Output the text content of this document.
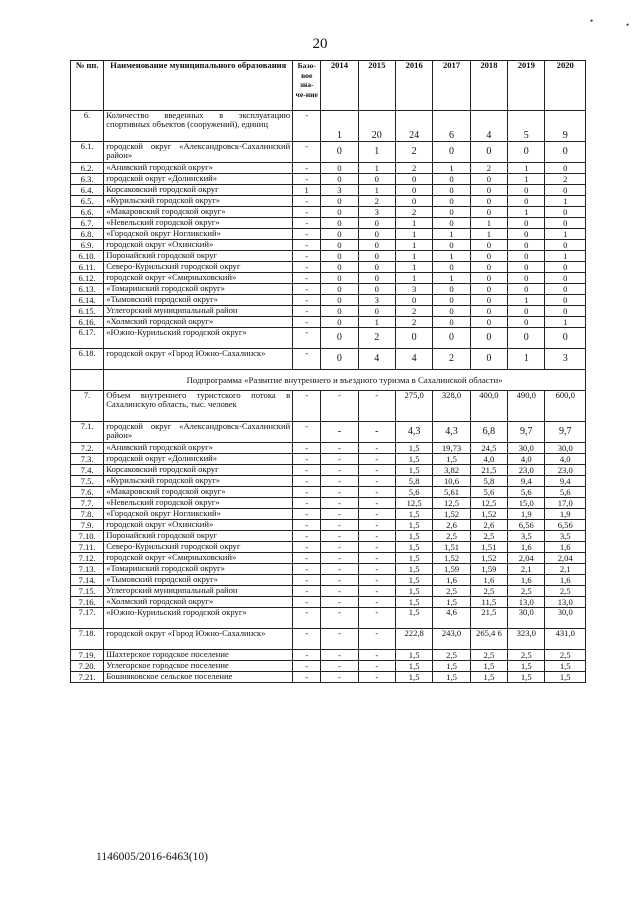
•	•
20
№ пп.	Наименование муниципального образования	Базо-вое зна-че-ние	2014	2015	2016	2017	2018	2019	2020
6.	Количество введенных в эксплуатацию спортивных объектов (сооружений), единиц	-	1	20	24	6	4	5	9
6.1.	городской округ «Александровск-Сахалинский район»	-	0	1	2	0	0	0	0
6.2.	«Анивский городской округ»	-	0	1	2	1	2	1	0
6.3.	городской округ «Долинский»	-	0	0	0	0	0	1	2
6.4.	Корсаковский городской округ	1	3	1	0	0	0	0	0
6.5.	«Курильский городской округ»	-	0	2	0	0	0	0	1
6.6.	«Макаровский городской округ»	-	0	3	2	0	0	1	0
6.7.	«Невельский городской округ»	-	0	0	1	0	1	0	0
6.8.	«Городской округ Ногликский»	-	0	0	1	1	1	0	1
6.9.	городской округ «Охинский»	-	0	0	1	0	0	0	0
6.10.	Поронайский городской округ	-	0	0	1	1	0	0	1
6.11.	Северо-Курильский городской округ	-	0	0	1	0	0	0	0
6.12.	городской округ «Смирныховский»	-	0	0	1	1	0	0	0
6.13.	«Томаринский городской округ»	-	0	0	3	0	0	0	0
6.14.	«Тымовский городской округ»	-	0	3	0	0	0	1	0
6.15.	Углегорский муниципальный район	-	0	0	2	0	0	0	0
6.16.	«Холмский городской округ»	-	0	1	2	0	0	0	1
6.17.	«Южно-Курильский городской округ»	-	0	2	0	0	0	0	0
6.18.	городской округ «Город Южно-Сахалинск»	-	0	4	4	2	0	1	3
	Подпрограмма «Развитие внутреннего и въездного туризма в Сахалинской области»								
7.	Объем внутреннего туристского потока в Сахалинскую область, тыс. человек	-	-	-	275,0	328,0	400,0	490,0	600,0
7.1.	городской округ «Александровск-Сахалинский район»	-	-	-	4,3	4,3	6,8	9,7	9,7
7.2.	«Анивский городской округ»	-	-	-	1,5	19,73	24,5	30,0	30,0
7.3.	городской округ «Долинский»	-	-	-	1,5	1,5	4,0	4,0	4,0
7.4.	Корсаковский городской округ	-	-	-	1,5	3,82	21,5	23,0	23,0
7.5.	«Курильский городской округ»	-	-	-	5,8	10,6	5,8	9,4	9,4
7.6.	«Макаровский городской округ»	-	-	-	5,6	5,61	5,6	5,6	5,6
7.7.	«Невельский городской округ»	-	-	-	12,5	12,5	12,5	15,0	17,0
7.8.	«Городской округ Ногликский»	-	-	-	1,5	1,52	1,52	1,9	1,9
7.9.	городской округ «Охинский»	-	-	-	1,5	2,6	2,6	6,56	6,56
7.10.	Поронайский городской округ	-	-	-	1,5	2,5	2,5	3,5	3,5
7.11.	Северо-Курильский городской округ	-	-	-	1,5	1,51	1,51	1,6	1,6
7.12.	городской округ «Смирныховский»	-	-	-	1,5	1,52	1,52	2,04	2,04
7.13.	«Томаринский городской округ»	-	-	-	1,5	1,59	1,59	2,1	2,1
7.14.	«Тымовский городской округ»	-	-	-	1,5	1,6	1,6	1,6	1,6
7.15.	Углегорский муниципальный район	-	-	-	1,5	2,5	2,5	2,5	2,5
7.16.	«Холмский городской округ»	-	-	-	1,5	1,5	11,5	13,0	13,0
7.17.	«Южно-Курильский городской округ»	-	-	-	1,5	4,6	21,5	30,0	30,0
7.18.	городской округ «Город Южно-Сахалинск»	-	-	-	222,8	243,0	265,4 6	323,0	431,0
7.19.	Шахтерское городское поселение	-	-	-	1,5	2,5	2,5	2,5	2,5
7.20.	Углегорское городское поселение	-	-	-	1,5	1,5	1,5	1,5	1,5
7.21.	Бошняковское сельское поселение	-	-	-	1,5	1,5	1,5	1,5	1,5
1146005/2016-6463(10)
